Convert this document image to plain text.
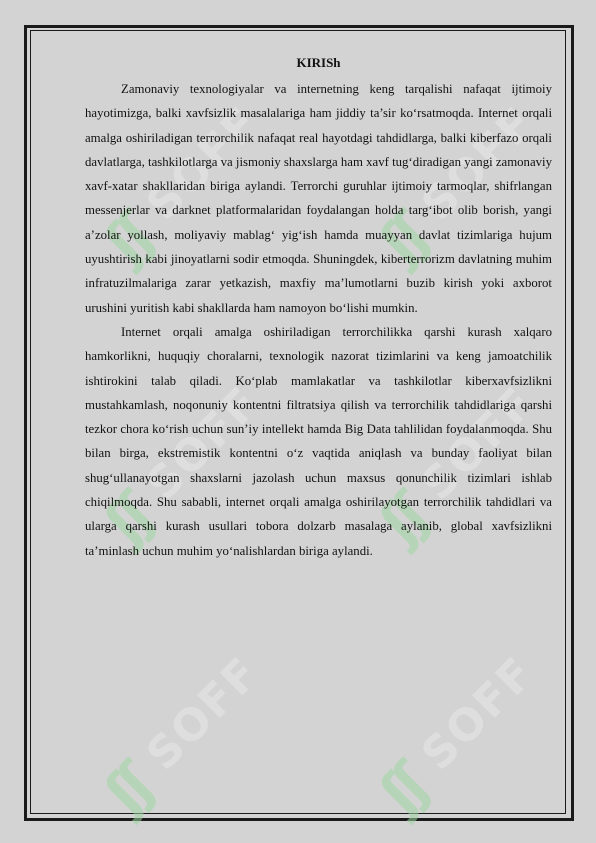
ʃʃ
SOFF
ʃʃ
SOFF
ʃʃ
SOFF
ʃʃ
SOFF
ʃʃ
SOFF
ʃʃ
SOFF
KIRISh

Zamonaviy texnologiyalar va internetning keng tarqalishi nafaqat ijtimoiy hayotimizga, balki xavfsizlik masalalariga ham jiddiy ta’sir ko‘rsatmoqda. Internet orqali amalga oshiriladigan terrorchilik nafaqat real hayotdagi tahdidlarga, balki kiberfazo orqali davlatlarga, tashkilotlarga va jismoniy shaxslarga ham xavf tug‘diradigan yangi zamonaviy xavf-xatar shakllaridan biriga aylandi. Terrorchi guruhlar ijtimoiy tarmoqlar, shifrlangan messenjerlar va darknet platformalaridan foydalangan holda targ‘ibot olib borish, yangi a’zolar yollash, moliyaviy mablag‘ yig‘ish hamda muayyan davlat tizimlariga hujum uyushtirish kabi jinoyatlarni sodir etmoqda. Shuningdek, kiberterrorizm davlatning muhim infratuzilmalariga zarar yetkazish, maxfiy ma’lumotlarni buzib kirish yoki axborot urushini yuritish kabi shakllarda ham namoyon bo‘lishi mumkin.

Internet orqali amalga oshiriladigan terrorchilikka qarshi kurash xalqaro hamkorlikni, huquqiy choralarni, texnologik nazorat tizimlarini va keng jamoatchilik ishtirokini talab qiladi. Ko‘plab mamlakatlar va tashkilotlar kiberxavfsizlikni mustahkamlash, noqonuniy kontentni filtratsiya qilish va terrorchilik tahdidlariga qarshi tezkor chora ko‘rish uchun sun’iy intellekt hamda Big Data tahlilidan foydalanmoqda. Shu bilan birga, ekstremistik kontentni o‘z vaqtida aniqlash va bunday faoliyat bilan shug‘ullanayotgan shaxslarni jazolash uchun maxsus qonunchilik tizimlari ishlab chiqilmoqda. Shu sababli, internet orqali amalga oshirilayotgan terrorchilik tahdidlari va ularga qarshi kurash usullari tobora dolzarb masalaga aylanib, global xavfsizlikni ta’minlash uchun muhim yo‘nalishlardan biriga aylandi.
